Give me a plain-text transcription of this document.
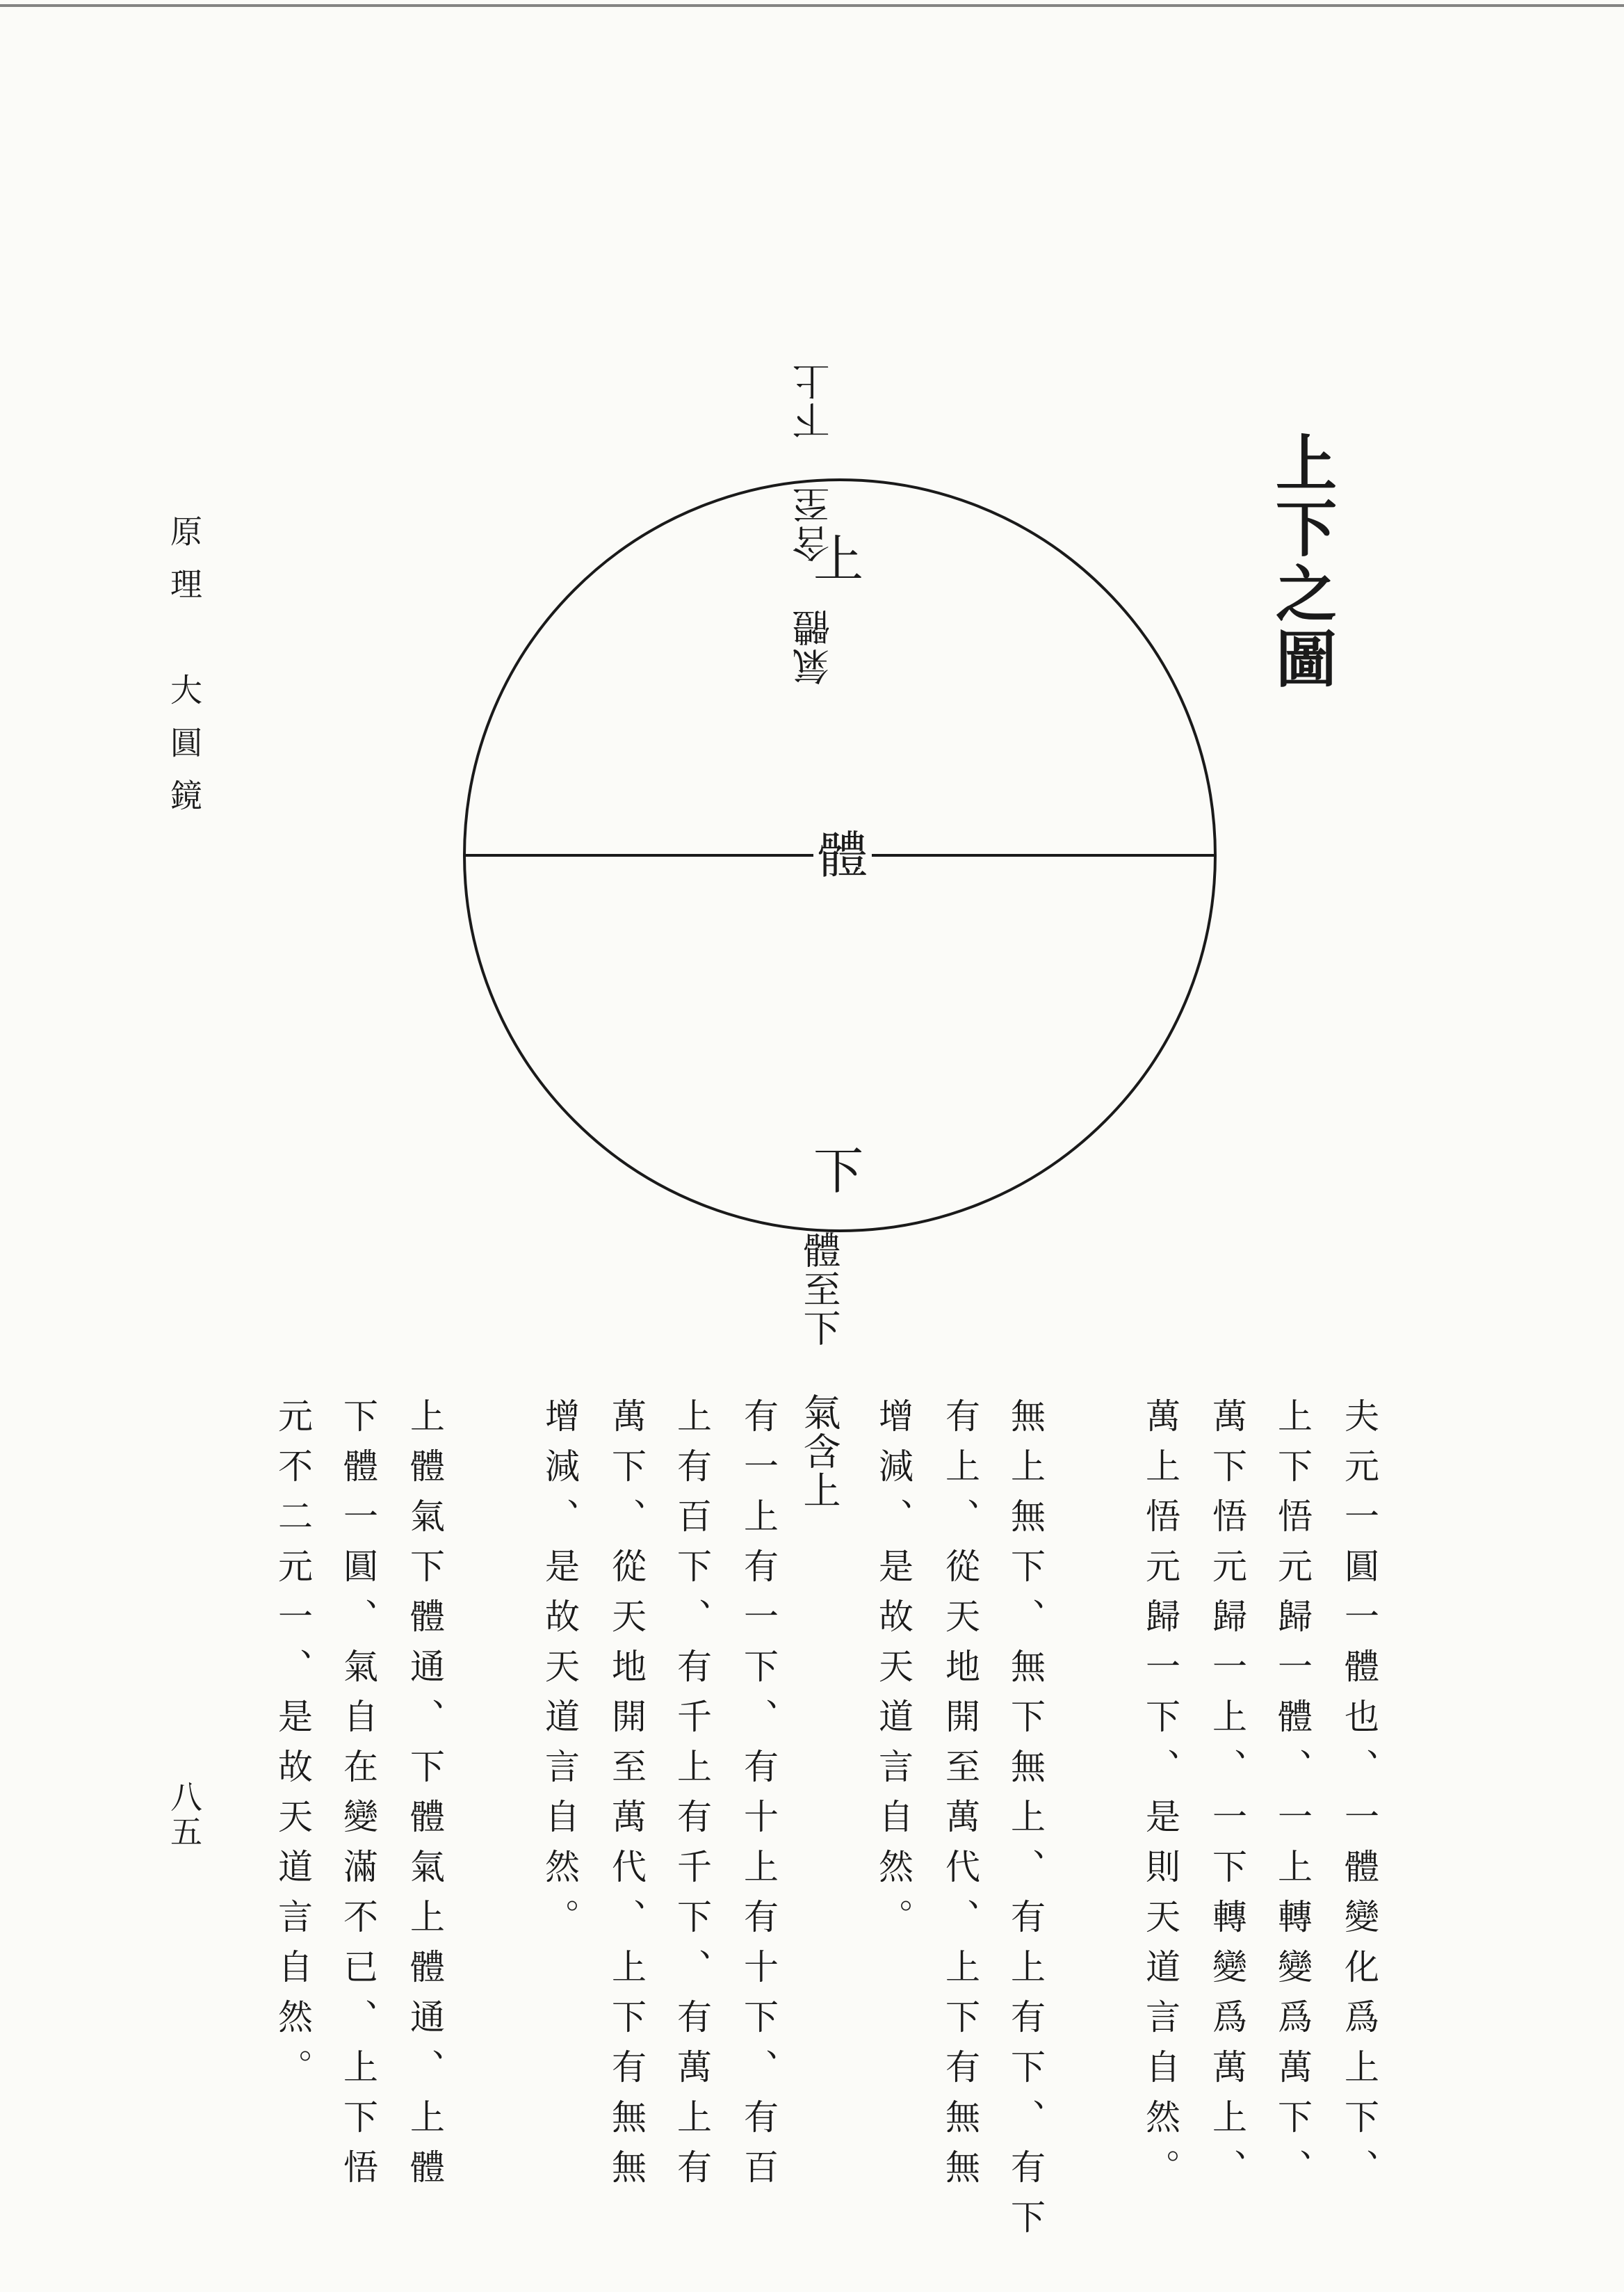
原理　大圓鏡
八五
上下之圖
氣體 含至 下上
體至下 氣含上
上
體
下
夫元一圓一體也、一體變化爲上下、
上下悟元歸一體、一上轉變爲萬下、
萬下悟元歸一上、一下轉變爲萬上、
萬上悟元歸一下、是則天道言自然。
無上無下、無下無上、有上有下、有下
有上、從天地開至萬代、上下有無無
增減、是故天道言自然。
有一上有一下、有十上有十下、有百
上有百下、有千上有千下、有萬上有
萬下、從天地開至萬代、上下有無無
增減、是故天道言自然。
上體氣下體通、下體氣上體通、上體
下體一圓、氣自在變滿不已、上下悟
元不二元一、是故天道言自然。
